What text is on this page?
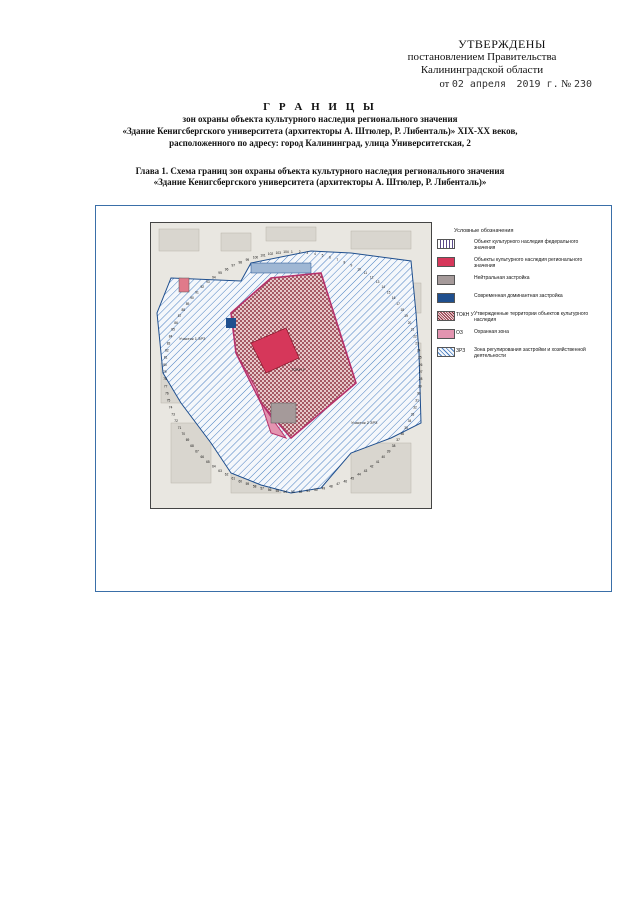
УТВЕРЖДЕНЫ
постановлением Правительства
Калининградской области
от 02 апреля 2019 г. № 230
Г Р А Н И Ц Ы
зон охраны объекта культурного наследия регионального значения
«Здание Кенигсбергского университета (архитекторы А. Штюлер, Р. Либенталь)» XIX-XX веков,
расположенного по адресу: город Калининград, улица Университетская, 2
Глава 1. Схема границ зон охраны объекта культурного наследия регионального значения
«Здание Кенигсбергского университета (архитекторы А. Штюлер, Р. Либенталь)»
Участок 1 ЗРЗ
ТОКН У
Участок 2 ЗРЗ
1 2 3 4 5 6
7
8
9
10
11
12
13
14
15
16
17
18
19
20
21
22
23
24
25
26
27
28
29
30
31
32
33
34
35
36
37
38
39
40
41
42
43
44
45
46
47
48
49
50
51
52
53
54
55
56
57
58
59
60
61
62
63
64
65
66
67
68
69
70
71
72
73
74
75
76
77
78
79
80
81
82
83
84
85
86
87
88
89
90
91
92
93
94
95
96
97
98
99
100 101 102 103 104
Условные обозначения
Объект культурного наследия федерального значения
Объекты культурного наследия регионального значения
Нейтральная застройка
Современная доминантная застройка
ТОКН У Утвержденные территории объектов культурного наследия
ОЗ Охранная зона
ЗРЗ Зона регулирования застройки и хозяйственной деятельности
